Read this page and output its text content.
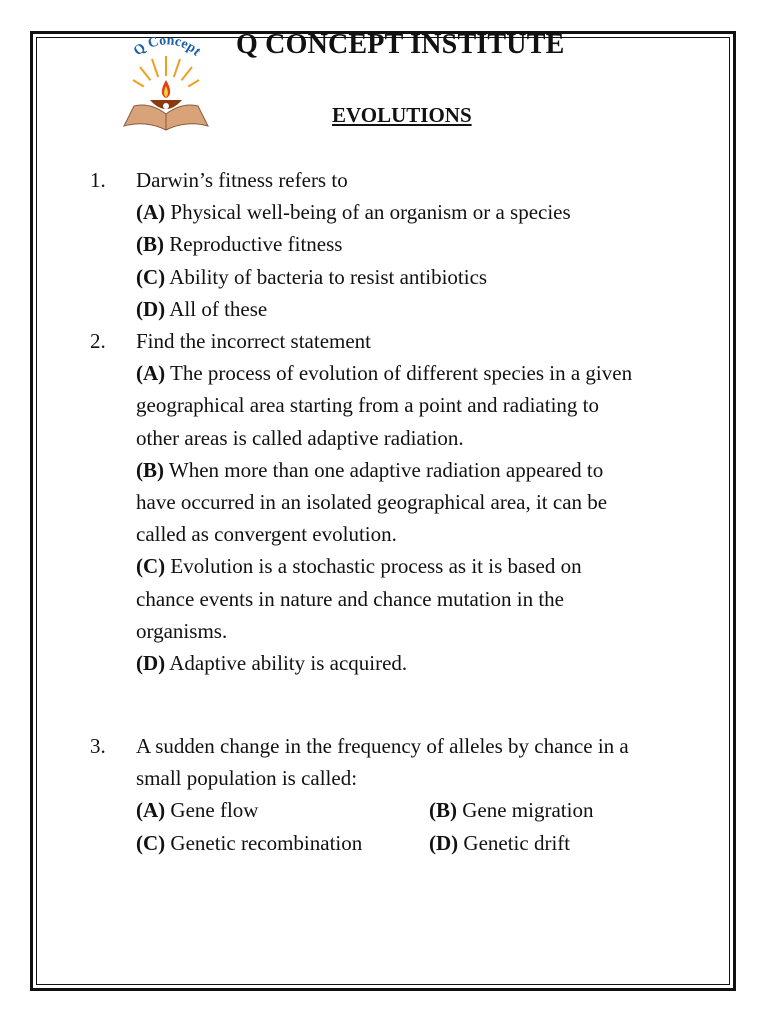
Q Concept Q CONCEPT INSTITUTE
EVOLUTIONS
1. Darwin’s fitness refers to
(A) Physical well-being of an organism or a species
(B) Reproductive fitness
(C) Ability of bacteria to resist antibiotics
(D) All of these
2. Find the incorrect statement
(A) The process of evolution of different species in a given
geographical area starting from a point and radiating to
other areas is called adaptive radiation.
(B) When more than one adaptive radiation appeared to
have occurred in an isolated geographical area, it can be
called as convergent evolution.
(C) Evolution is a stochastic process as it is based on
chance events in nature and chance mutation in the
organisms.
(D) Adaptive ability is acquired.
3. A sudden change in the frequency of alleles by chance in a
small population is called:
(A) Gene flow	(B) Gene migration
(C) Genetic recombination	(D) Genetic drift
